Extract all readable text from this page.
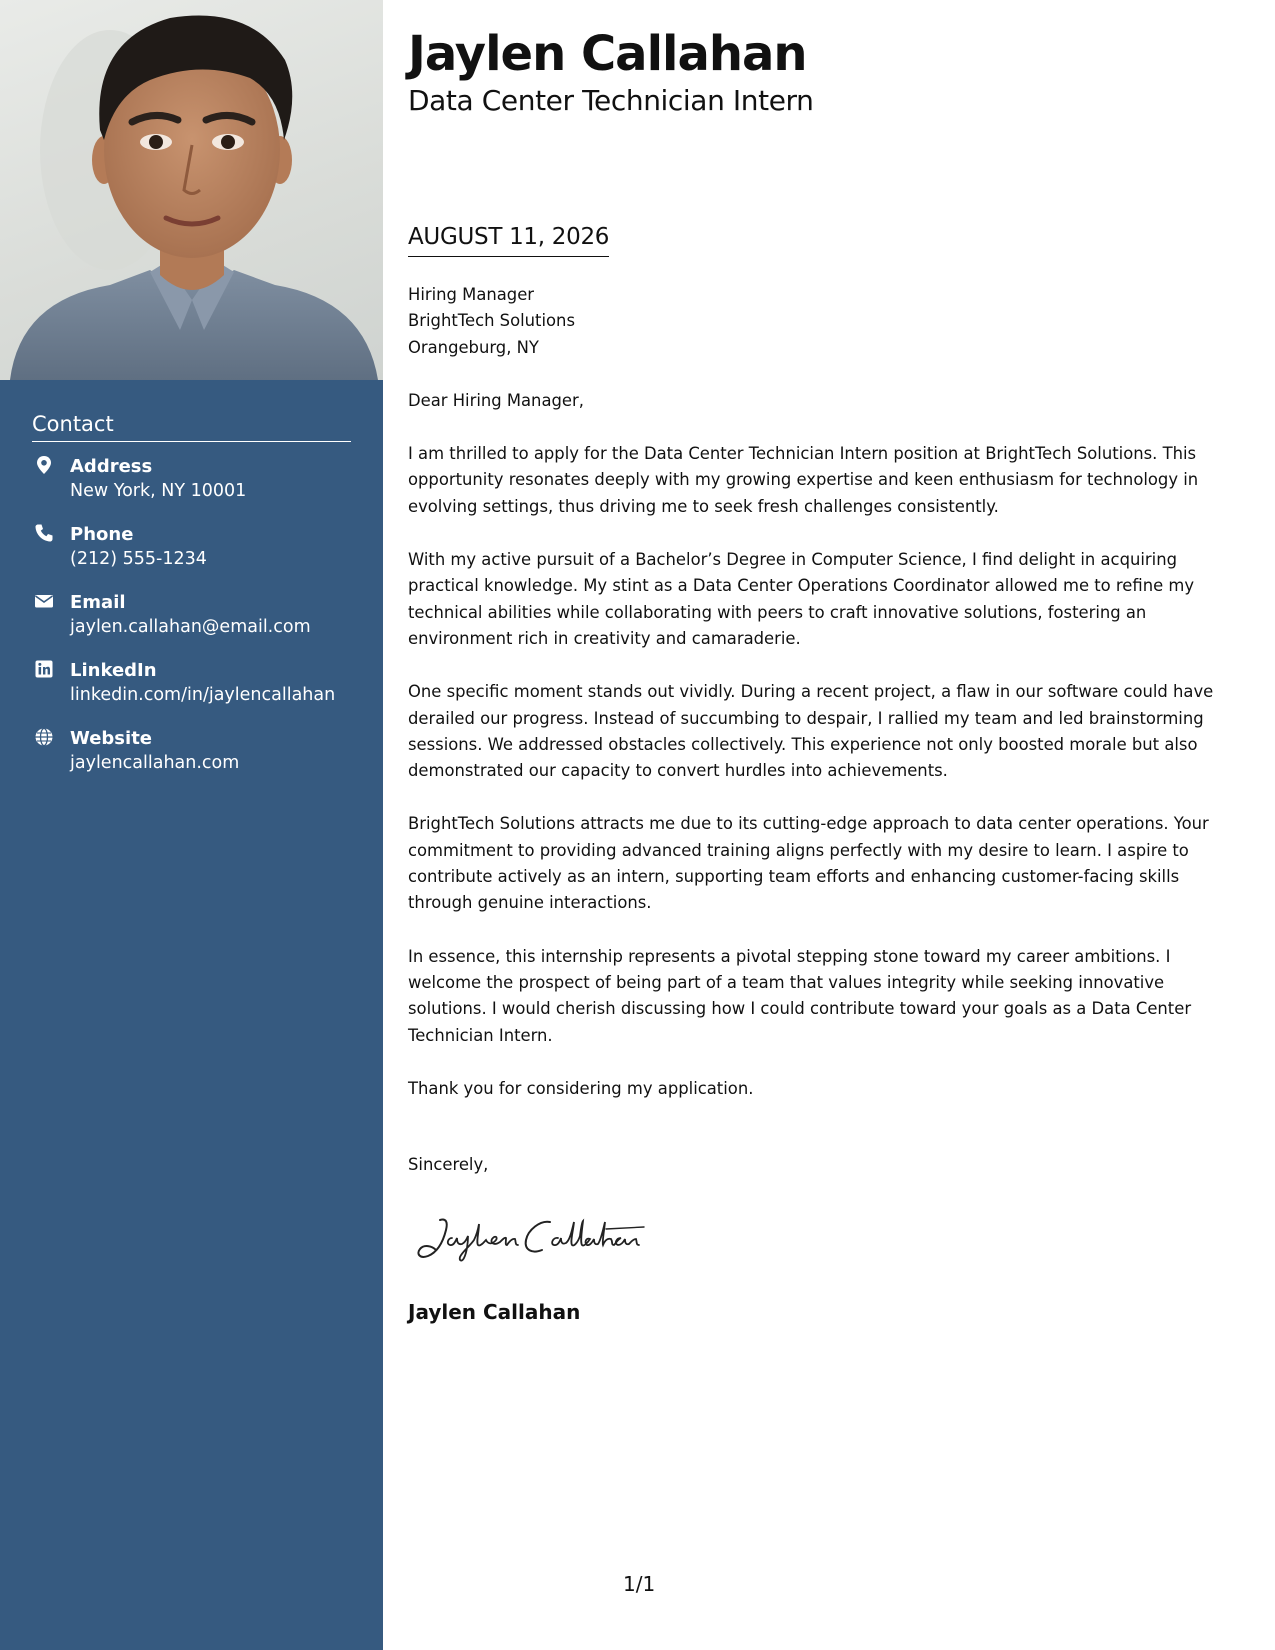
Contact
Address
New York, NY 10001
Phone
(212) 555-1234
Email
jaylen.callahan@email.com
LinkedIn
linkedin.com/in/jaylencallahan
Website
jaylencallahan.com
Jaylen Callahan
Data Center Technician Intern
AUGUST 11, 2026

Hiring Manager
BrightTech Solutions
Orangeburg, NY

Dear Hiring Manager,

I am thrilled to apply for the Data Center Technician Intern position at BrightTech Solutions. This opportunity resonates deeply with my growing expertise and keen enthusiasm for technology in evolving settings, thus driving me to seek fresh challenges consistently.

With my active pursuit of a Bachelor’s Degree in Computer Science, I find delight in acquiring practical knowledge. My stint as a Data Center Operations Coordinator allowed me to refine my technical abilities while collaborating with peers to craft innovative solutions, fostering an environment rich in creativity and camaraderie.

One specific moment stands out vividly. During a recent project, a flaw in our software could have derailed our progress. Instead of succumbing to despair, I rallied my team and led brainstorming sessions. We addressed obstacles collectively. This experience not only boosted morale but also demonstrated our capacity to convert hurdles into achievements.

BrightTech Solutions attracts me due to its cutting-edge approach to data center operations. Your commitment to providing advanced training aligns perfectly with my desire to learn. I aspire to contribute actively as an intern, supporting team efforts and enhancing customer-facing skills through genuine interactions.

In essence, this internship represents a pivotal stepping stone toward my career ambitions. I welcome the prospect of being part of a team that values integrity while seeking innovative solutions. I would cherish discussing how I could contribute toward your goals as a Data Center Technician Intern.

Thank you for considering my application.

Sincerely,

Jaylen Callahan
1/1
